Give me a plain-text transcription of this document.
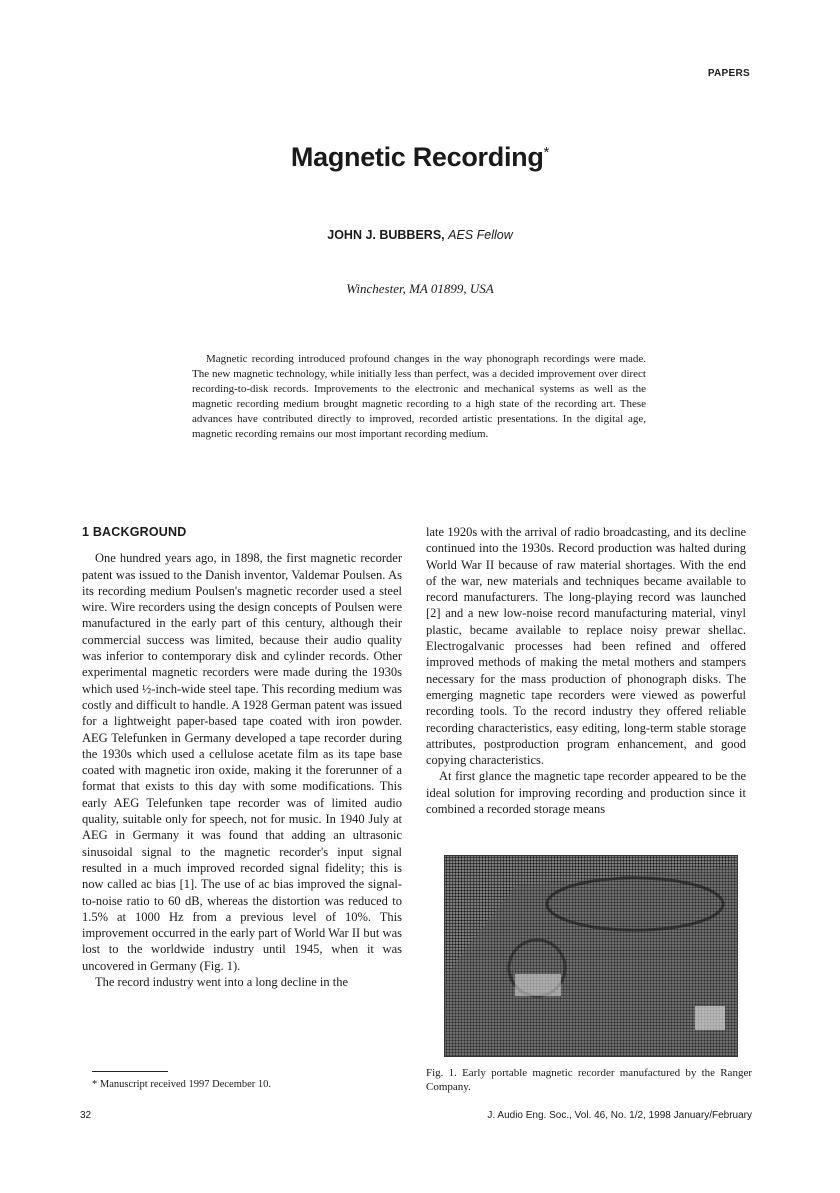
PAPERS
Magnetic Recording*
JOHN J. BUBBERS, AES Fellow
Winchester, MA 01899, USA

Magnetic recording introduced profound changes in the way phonograph recordings were made. The new magnetic technology, while initially less than perfect, was a decided improvement over direct recording-to-disk records. Improvements to the electronic and mechanical systems as well as the magnetic recording medium brought magnetic recording to a high state of the recording art. These advances have contributed directly to improved, recorded artistic presentations. In the digital age, magnetic recording remains our most important recording medium.

1 BACKGROUND

One hundred years ago, in 1898, the first magnetic recorder patent was issued to the Danish inventor, Valdemar Poulsen. As its recording medium Poulsen's magnetic recorder used a steel wire. Wire recorders using the design concepts of Poulsen were manufactured in the early part of this century, although their commercial success was limited, because their audio quality was inferior to contemporary disk and cylinder records. Other experimental magnetic recorders were made during the 1930s which used ½-inch-wide steel tape. This recording medium was costly and difficult to handle. A 1928 German patent was issued for a lightweight paper-based tape coated with iron powder. AEG Telefunken in Germany developed a tape recorder during the 1930s which used a cellulose acetate film as its tape base coated with magnetic iron oxide, making it the forerunner of a format that exists to this day with some modifications. This early AEG Telefunken tape recorder was of limited audio quality, suitable only for speech, not for music. In 1940 July at AEG in Germany it was found that adding an ultrasonic sinusoidal signal to the magnetic recorder's input signal resulted in a much improved recorded signal fidelity; this is now called ac bias [1]. The use of ac bias improved the signal-to-noise ratio to 60 dB, whereas the distortion was reduced to 1.5% at 1000 Hz from a previous level of 10%. This improvement occurred in the early part of World War II but was lost to the worldwide industry until 1945, when it was uncovered in Germany (Fig. 1).

The record industry went into a long decline in the

late 1920s with the arrival of radio broadcasting, and its decline continued into the 1930s. Record production was halted during World War II because of raw material shortages. With the end of the war, new materials and techniques became available to record manufacturers. The long-playing record was launched [2] and a new low-noise record manufacturing material, vinyl plastic, became available to replace noisy prewar shellac. Electrogalvanic processes had been refined and offered improved methods of making the metal mothers and stampers necessary for the mass production of phonograph disks. The emerging magnetic tape recorders were viewed as powerful recording tools. To the record industry they offered reliable recording characteristics, easy editing, long-term stable storage attributes, postproduction program enhancement, and good copying characteristics.

At first glance the magnetic tape recorder appeared to be the ideal solution for improving recording and production since it combined a recorded storage means

Fig. 1. Early portable magnetic recorder manufactured by the Ranger Company.
* Manuscript received 1997 December 10.
32	J. Audio Eng. Soc., Vol. 46, No. 1/2, 1998 January/February
